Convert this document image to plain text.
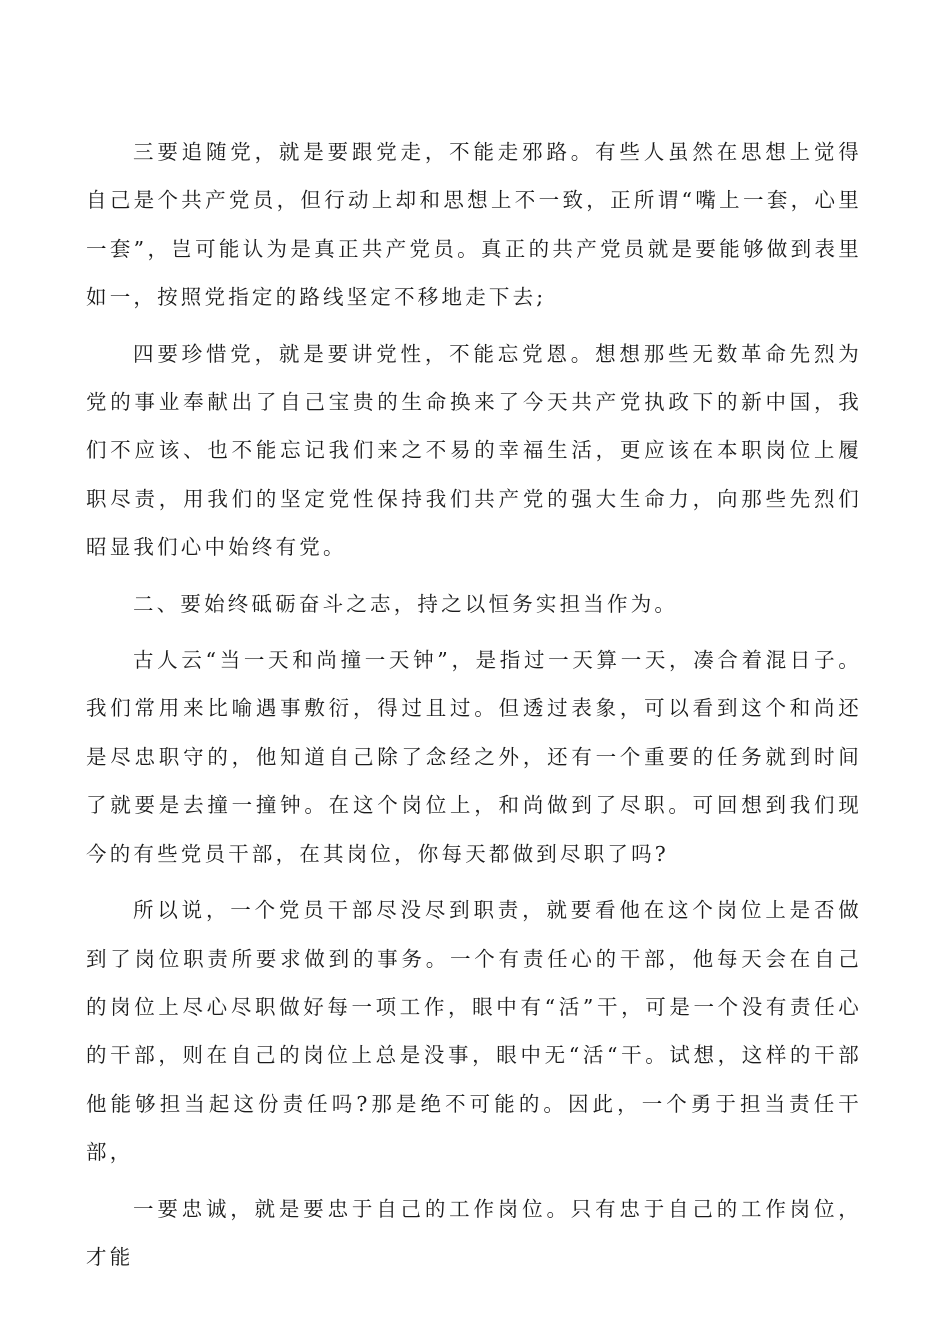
三要追随党，就是要跟党走，不能走邪路。有些人虽然在思想上觉得自己是个共产党员，但行动上却和思想上不一致，正所谓“嘴上一套，心里一套”，岂可能认为是真正共产党员。真正的共产党员就是要能够做到表里如一，按照党指定的路线坚定不移地走下去;

四要珍惜党，就是要讲党性，不能忘党恩。想想那些无数革命先烈为党的事业奉献出了自己宝贵的生命换来了今天共产党执政下的新中国，我们不应该、也不能忘记我们来之不易的幸福生活，更应该在本职岗位上履职尽责，用我们的坚定党性保持我们共产党的强大生命力，向那些先烈们昭显我们心中始终有党。

二、要始终砥砺奋斗之志，持之以恒务实担当作为。

古人云“当一天和尚撞一天钟”，是指过一天算一天，凑合着混日子。我们常用来比喻遇事敷衍，得过且过。但透过表象，可以看到这个和尚还是尽忠职守的，他知道自己除了念经之外，还有一个重要的任务就到时间了就要是去撞一撞钟。在这个岗位上，和尚做到了尽职。可回想到我们现今的有些党员干部，在其岗位，你每天都做到尽职了吗?

所以说，一个党员干部尽没尽到职责，就要看他在这个岗位上是否做到了岗位职责所要求做到的事务。一个有责任心的干部，他每天会在自己的岗位上尽心尽职做好每一项工作，眼中有“活”干，可是一个没有责任心的干部，则在自己的岗位上总是没事，眼中无“活“干。试想，这样的干部他能够担当起这份责任吗?那是绝不可能的。因此，一个勇于担当责任干部，

一要忠诚，就是要忠于自己的工作岗位。只有忠于自己的工作岗位，才能
